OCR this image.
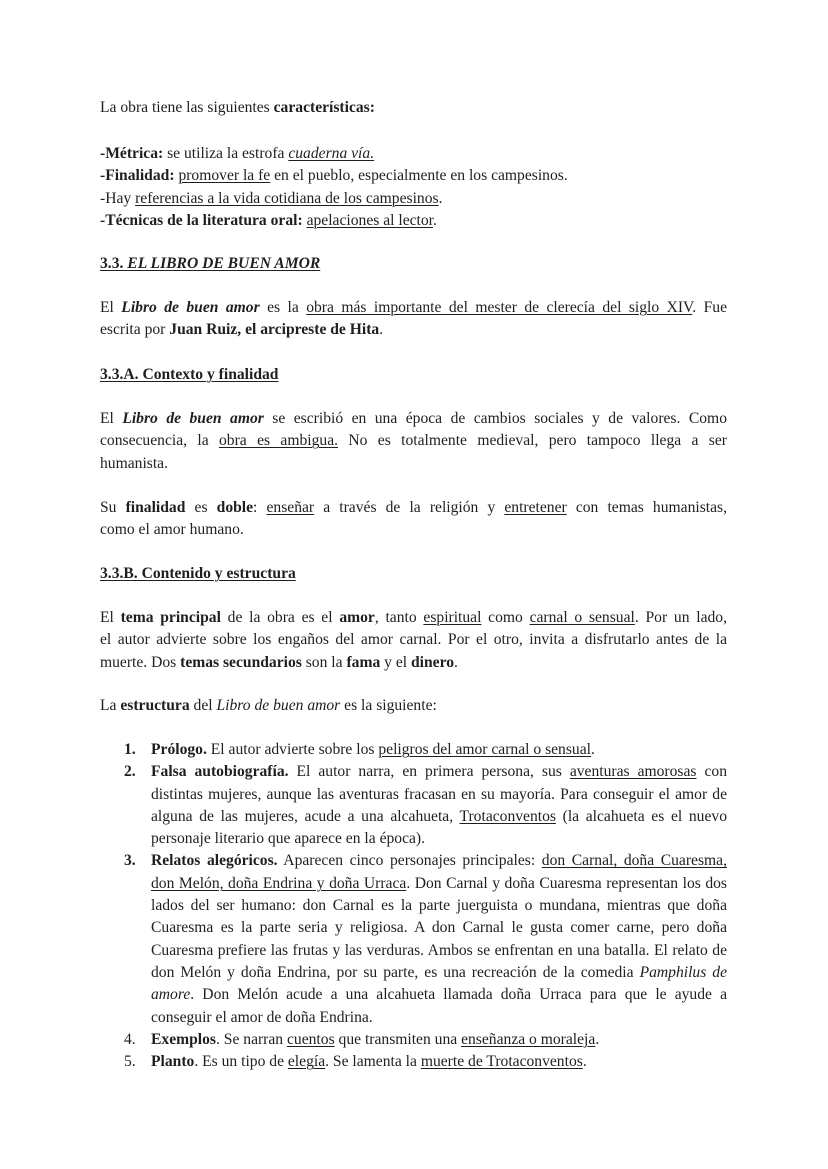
La obra tiene las siguientes características:

-Métrica: se utiliza la estrofa cuaderna vía.
-Finalidad: promover la fe en el pueblo, especialmente en los campesinos.
-Hay referencias a la vida cotidiana de los campesinos.
-Técnicas de la literatura oral: apelaciones al lector.

3.3. EL LIBRO DE BUEN AMOR

El Libro de buen amor es la obra más importante del mester de clerecía del siglo XIV. Fue
escrita por Juan Ruiz, el arcipreste de Hita.

3.3.A. Contexto y finalidad

El Libro de buen amor se escribió en una época de cambios sociales y de valores. Como
consecuencia, la obra es ambigua. No es totalmente medieval, pero tampoco llega a ser
humanista.
Su finalidad es doble: enseñar a través de la religión y entretener con temas humanistas,
como el amor humano.

3.3.B. Contenido y estructura

El tema principal de la obra es el amor, tanto espiritual como carnal o sensual. Por un lado,
el autor advierte sobre los engaños del amor carnal. Por el otro, invita a disfrutarlo antes de la
muerte. Dos temas secundarios son la fama y el dinero.

La estructura del Libro de buen amor es la siguiente:

1. Prólogo. El autor advierte sobre los peligros del amor carnal o sensual.
2. Falsa autobiografía. El autor narra, en primera persona, sus aventuras amorosas con distintas mujeres, aunque las aventuras fracasan en su mayoría. Para conseguir el amor de alguna de las mujeres, acude a una alcahueta, Trotaconventos (la alcahueta es el nuevo personaje literario que aparece en la época).
3. Relatos alegóricos. Aparecen cinco personajes principales: don Carnal, doña Cuaresma, don Melón, doña Endrina y doña Urraca. Don Carnal y doña Cuaresma representan los dos lados del ser humano: don Carnal es la parte juerguista o mundana, mientras que doña Cuaresma es la parte seria y religiosa. A don Carnal le gusta comer carne, pero doña Cuaresma prefiere las frutas y las verduras. Ambos se enfrentan en una batalla. El relato de don Melón y doña Endrina, por su parte, es una recreación de la comedia Pamphilus de amore. Don Melón acude a una alcahueta llamada doña Urraca para que le ayude a conseguir el amor de doña Endrina.
4. Exemplos. Se narran cuentos que transmiten una enseñanza o moraleja.
5. Planto. Es un tipo de elegía. Se lamenta la muerte de Trotaconventos.
